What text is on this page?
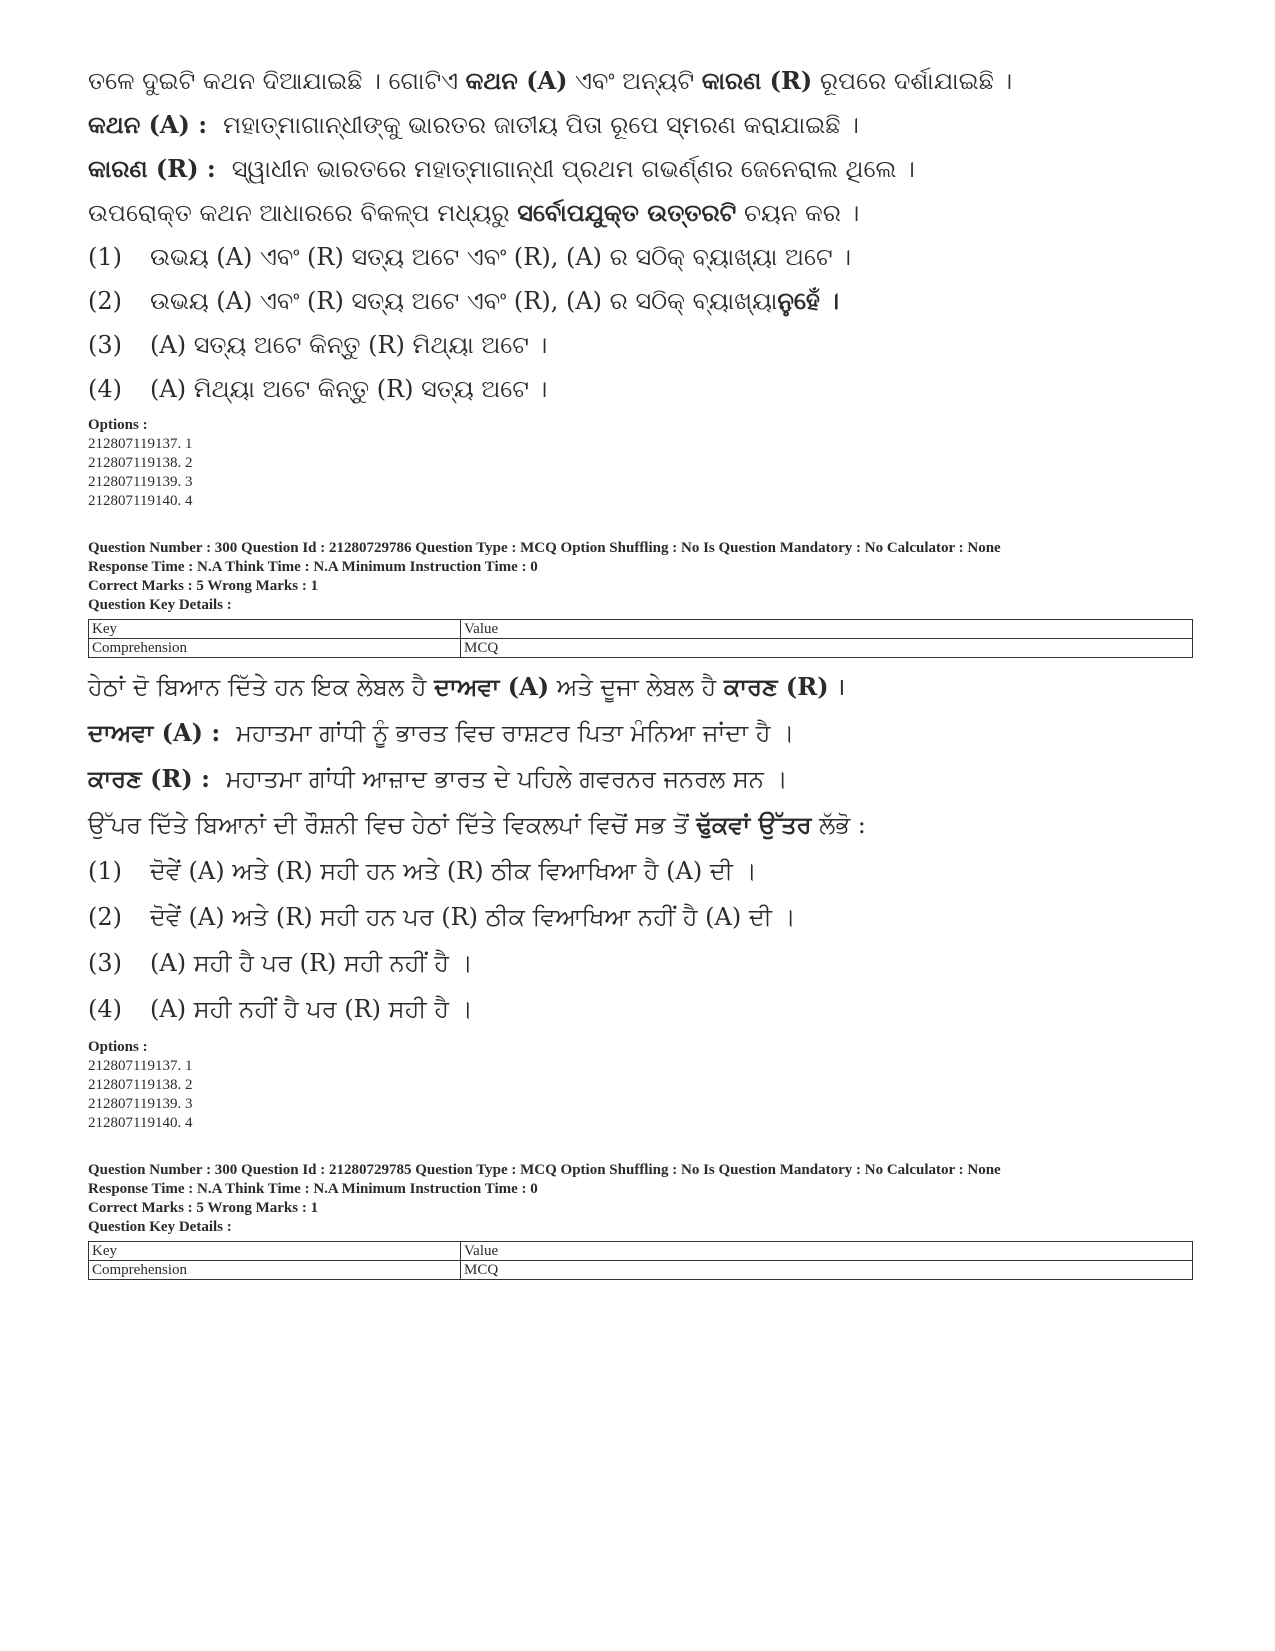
ତଳେ ଦୁଇଟି କଥନ ଦିଆଯାଇଛି । ଗୋଟିଏ କଥନ (A) ଏବଂ ଅନ୍ୟଟି କାରଣ (R) ରୂପରେ ଦର୍ଶାଯାଇଛି ।
କଥନ (A) : ମହାତ୍ମାଗାନ୍ଧୀଙ୍କୁ ଭାରତର ଜାତୀୟ ପିତା ରୂପେ ସ୍ମରଣ କରାଯାଇଛି ।
କାରଣ (R) : ସ୍ୱାଧୀନ ଭାରତରେ ମହାତ୍ମାଗାନ୍ଧୀ ପ୍ରଥମ ଗଭର୍ଣ୍ଣର ଜେନେରାଲ ଥିଲେ ।
ଉପରୋକ୍ତ କଥନ ଆଧାରରେ ବିକଳ୍ପ ମଧ୍ୟରୁ ସର୍ବୋପଯୁକ୍ତ ଉତ୍ତରଟି ଚୟନ କର ।
(1)	ଉଭୟ (A) ଏବଂ (R) ସତ୍ୟ ଅଟେ ଏବଂ (R), (A) ର ସଠିକ୍ ବ୍ୟାଖ୍ୟା ଅଟେ ।
(2)	ଉଭୟ (A) ଏବଂ (R) ସତ୍ୟ ଅଟେ ଏବଂ (R), (A) ର ସଠିକ୍ ବ୍ୟାଖ୍ୟା ନୁହେଁ ।
(3)	(A) ସତ୍ୟ ଅଟେ କିନ୍ତୁ (R) ମିଥ୍ୟା ଅଟେ ।
(4)	(A) ମିଥ୍ୟା ଅଟେ କିନ୍ତୁ (R) ସତ୍ୟ ଅଟେ ।
Options :
212807119137. 1
212807119138. 2
212807119139. 3
212807119140. 4
Question Number : 300 Question Id : 21280729786 Question Type : MCQ Option Shuffling : No Is Question Mandatory : No Calculator : None
Response Time : N.A Think Time : N.A Minimum Instruction Time : 0
Correct Marks : 5 Wrong Marks : 1
Question Key Details :
Key	Value
Comprehension	MCQ
ਹੇਠਾਂ ਦੋ ਬਿਆਨ ਦਿੱਤੇ ਹਨ ਇਕ ਲੇਬਲ ਹੈ ਦਾਅਵਾ (A) ਅਤੇ ਦੂਜਾ ਲੇਬਲ ਹੈ ਕਾਰਣ (R) ।
ਦਾਅਵਾ (A) : ਮਹਾਤਮਾ ਗਾਂਧੀ ਨੂੰ ਭਾਰਤ ਵਿਚ ਰਾਸ਼ਟਰ ਪਿਤਾ ਮੰਨਿਆ ਜਾਂਦਾ ਹੈ ।
ਕਾਰਣ (R) : ਮਹਾਤਮਾ ਗਾਂਧੀ ਆਜ਼ਾਦ ਭਾਰਤ ਦੇ ਪਹਿਲੇ ਗਵਰਨਰ ਜਨਰਲ ਸਨ ।
ਉੱਪਰ ਦਿੱਤੇ ਬਿਆਨਾਂ ਦੀ ਰੌਸ਼ਨੀ ਵਿਚ ਹੇਠਾਂ ਦਿੱਤੇ ਵਿਕਲਪਾਂ ਵਿਚੋਂ ਸਭ ਤੋਂ ਢੁੱਕਵਾਂ ਉੱਤਰ ਲੱਭੋ :
(1)	ਦੋਵੇਂ (A) ਅਤੇ (R) ਸਹੀ ਹਨ ਅਤੇ (R) ਠੀਕ ਵਿਆਖਿਆ ਹੈ (A) ਦੀ ।
(2)	ਦੋਵੇਂ (A) ਅਤੇ (R) ਸਹੀ ਹਨ ਪਰ (R) ਠੀਕ ਵਿਆਖਿਆ ਨਹੀਂ ਹੈ (A) ਦੀ ।
(3)	(A) ਸਹੀ ਹੈ ਪਰ (R) ਸਹੀ ਨਹੀਂ ਹੈ ।
(4)	(A) ਸਹੀ ਨਹੀਂ ਹੈ ਪਰ (R) ਸਹੀ ਹੈ ।
Options :
212807119137. 1
212807119138. 2
212807119139. 3
212807119140. 4
Question Number : 300 Question Id : 21280729785 Question Type : MCQ Option Shuffling : No Is Question Mandatory : No Calculator : None
Response Time : N.A Think Time : N.A Minimum Instruction Time : 0
Correct Marks : 5 Wrong Marks : 1
Question Key Details :
Key	Value
Comprehension	MCQ
